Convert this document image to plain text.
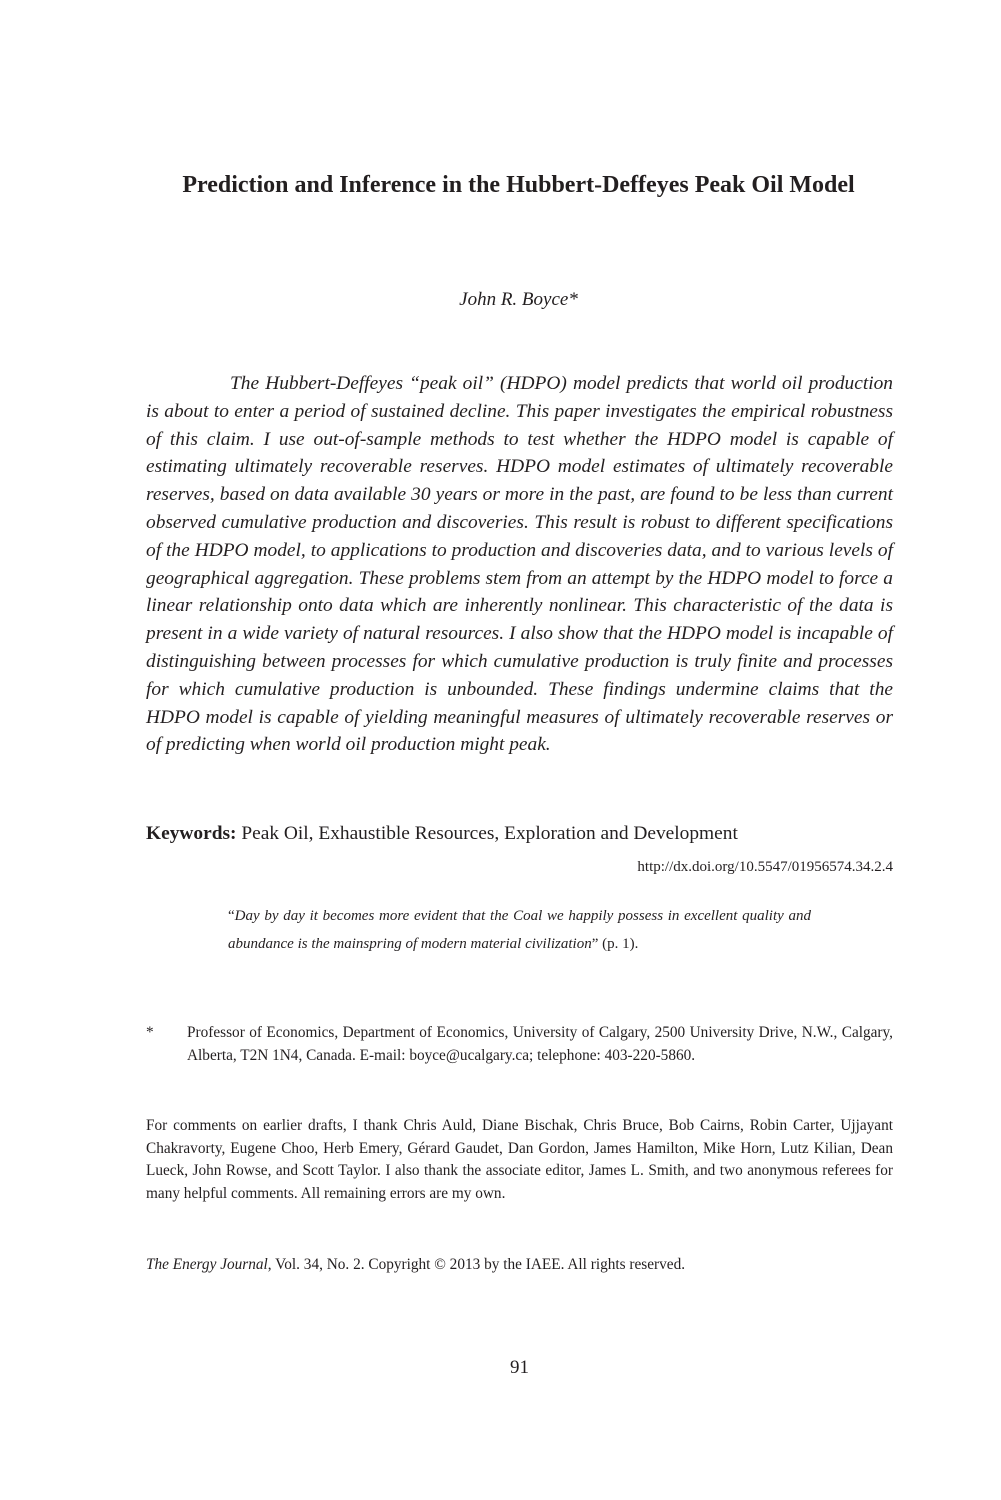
Prediction and Inference in the Hubbert-Deffeyes Peak Oil Model
John R. Boyce*

The Hubbert-Deffeyes “peak oil” (HDPO) model predicts that world oil production is about to enter a period of sustained decline. This paper investigates the empirical robustness of this claim. I use out-of-sample methods to test whether the HDPO model is capable of estimating ultimately recoverable reserves. HDPO model estimates of ultimately recoverable reserves, based on data available 30 years or more in the past, are found to be less than current observed cumulative production and discoveries. This result is robust to different specifications of the HDPO model, to applications to production and discoveries data, and to various levels of geographical aggregation. These problems stem from an attempt by the HDPO model to force a linear relationship onto data which are inherently nonlinear. This characteristic of the data is present in a wide variety of natural resources. I also show that the HDPO model is incapable of distinguishing between processes for which cumulative production is truly finite and processes for which cumulative production is unbounded. These findings undermine claims that the HDPO model is capable of yielding meaningful measures of ultimately recoverable reserves or of predicting when world oil production might peak.

Keywords: Peak Oil, Exhaustible Resources, Exploration and Development

http://dx.doi.org/10.5547/01956574.34.2.4

“Day by day it becomes more evident that the Coal we happily possess in excellent quality and abundance is the mainspring of modern material civilization” (p. 1).

* Professor of Economics, Department of Economics, University of Calgary, 2500 University Drive, N.W., Calgary, Alberta, T2N 1N4, Canada. E-mail: boyce@ucalgary.ca; telephone: 403-220-5860.

For comments on earlier drafts, I thank Chris Auld, Diane Bischak, Chris Bruce, Bob Cairns, Robin Carter, Ujjayant Chakravorty, Eugene Choo, Herb Emery, Gérard Gaudet, Dan Gordon, James Hamilton, Mike Horn, Lutz Kilian, Dean Lueck, John Rowse, and Scott Taylor. I also thank the associate editor, James L. Smith, and two anonymous referees for many helpful comments. All remaining errors are my own.

The Energy Journal, Vol. 34, No. 2. Copyright © 2013 by the IAEE. All rights reserved.

91
